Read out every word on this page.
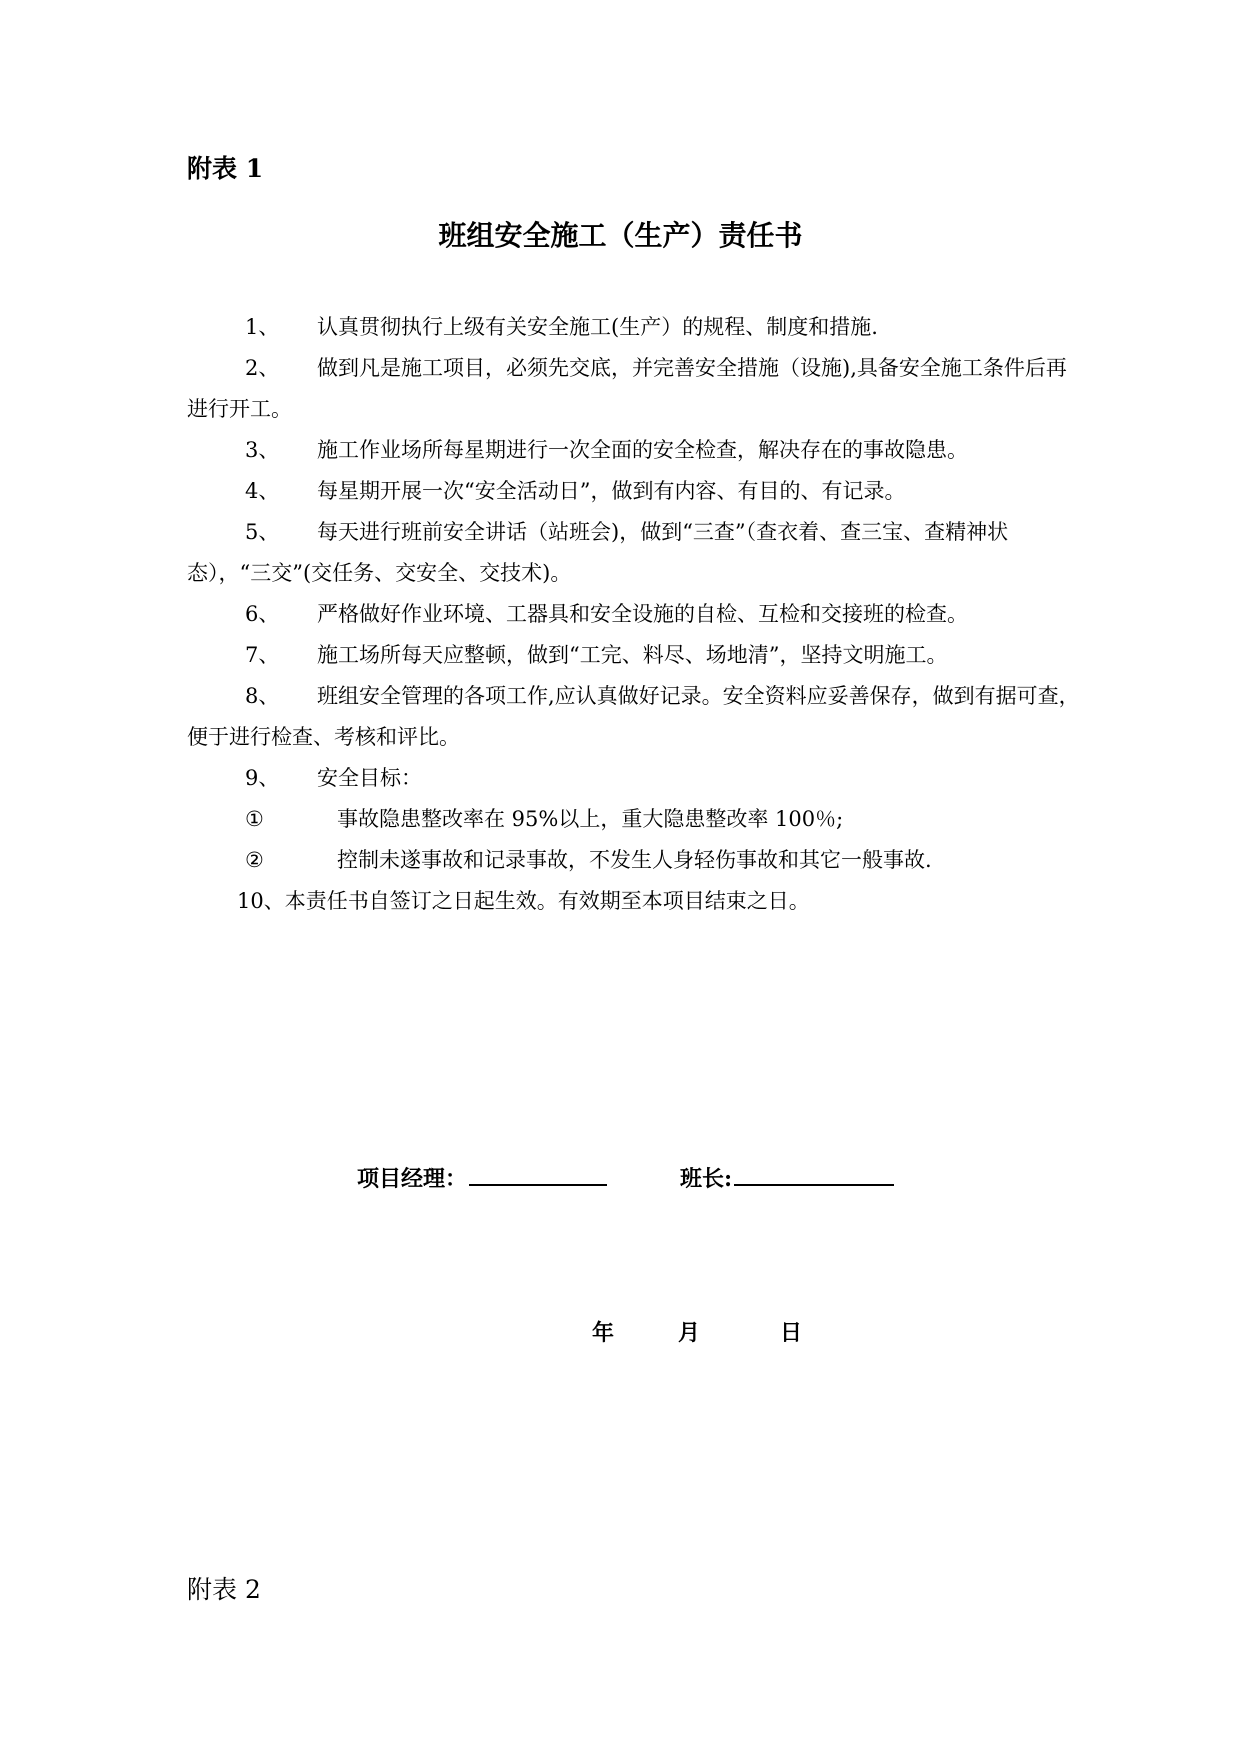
附表 1
班组安全施工（生产）责任书

1、 认真贯彻执行上级有关安全施工(生产）的规程、制度和措施.

2、 做到凡是施工项目，必须先交底，并完善安全措施（设施),具备安全施工条件后再进行开工。

3、 施工作业场所每星期进行一次全面的安全检查，解决存在的事故隐患。

4、 每星期开展一次“安全活动日”，做到有内容、有目的、有记录。

5、 每天进行班前安全讲话（站班会)，做到“三查”（查衣着、查三宝、查精神状态），“三交”(交任务、交安全、交技术)。

6、 严格做好作业环境、工器具和安全设施的自检、互检和交接班的检查。

7、 施工场所每天应整顿，做到“工完、料尽、场地清”，坚持文明施工。

8、 班组安全管理的各项工作,应认真做好记录。安全资料应妥善保存，做到有据可查，便于进行检查、考核和评比。

9、 安全目标：

①	事故隐患整改率在 95%以上，重大隐患整改率 100％;

②	控制未遂事故和记录事故，不发生人身轻伤事故和其它一般事故.

10、本责任书自签订之日起生效。有效期至本项目结束之日。

项目经理：	班长:
年	月	日
附表 2
